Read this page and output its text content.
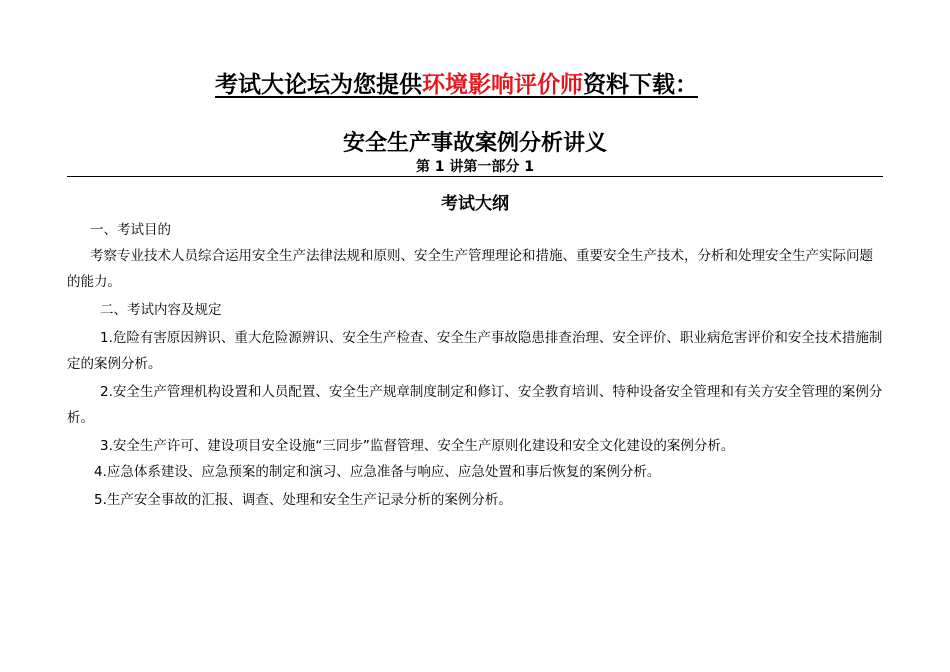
考试大论坛为您提供环境影响评价师资料下载：
安全生产事故案例分析讲义
第 1 讲第一部分 1
考试大纲
一、考试目的
考察专业技术人员综合运用安全生产法律法规和原则、安全生产管理理论和措施、重要安全生产技术，分析和处理安全生产实际问题的能力。
二、考试内容及规定
1.危险有害原因辨识、重大危险源辨识、安全生产检查、安全生产事故隐患排查治理、安全评价、职业病危害评价和安全技术措施制定的案例分析。
2.安全生产管理机构设置和人员配置、安全生产规章制度制定和修订、安全教育培训、特种设备安全管理和有关方安全管理的案例分析。
3.安全生产许可、建设项目安全设施“三同步”监督管理、安全生产原则化建设和安全文化建设的案例分析。
4.应急体系建设、应急预案的制定和演习、应急准备与响应、应急处置和事后恢复的案例分析。
5.生产安全事故的汇报、调查、处理和安全生产记录分析的案例分析。
